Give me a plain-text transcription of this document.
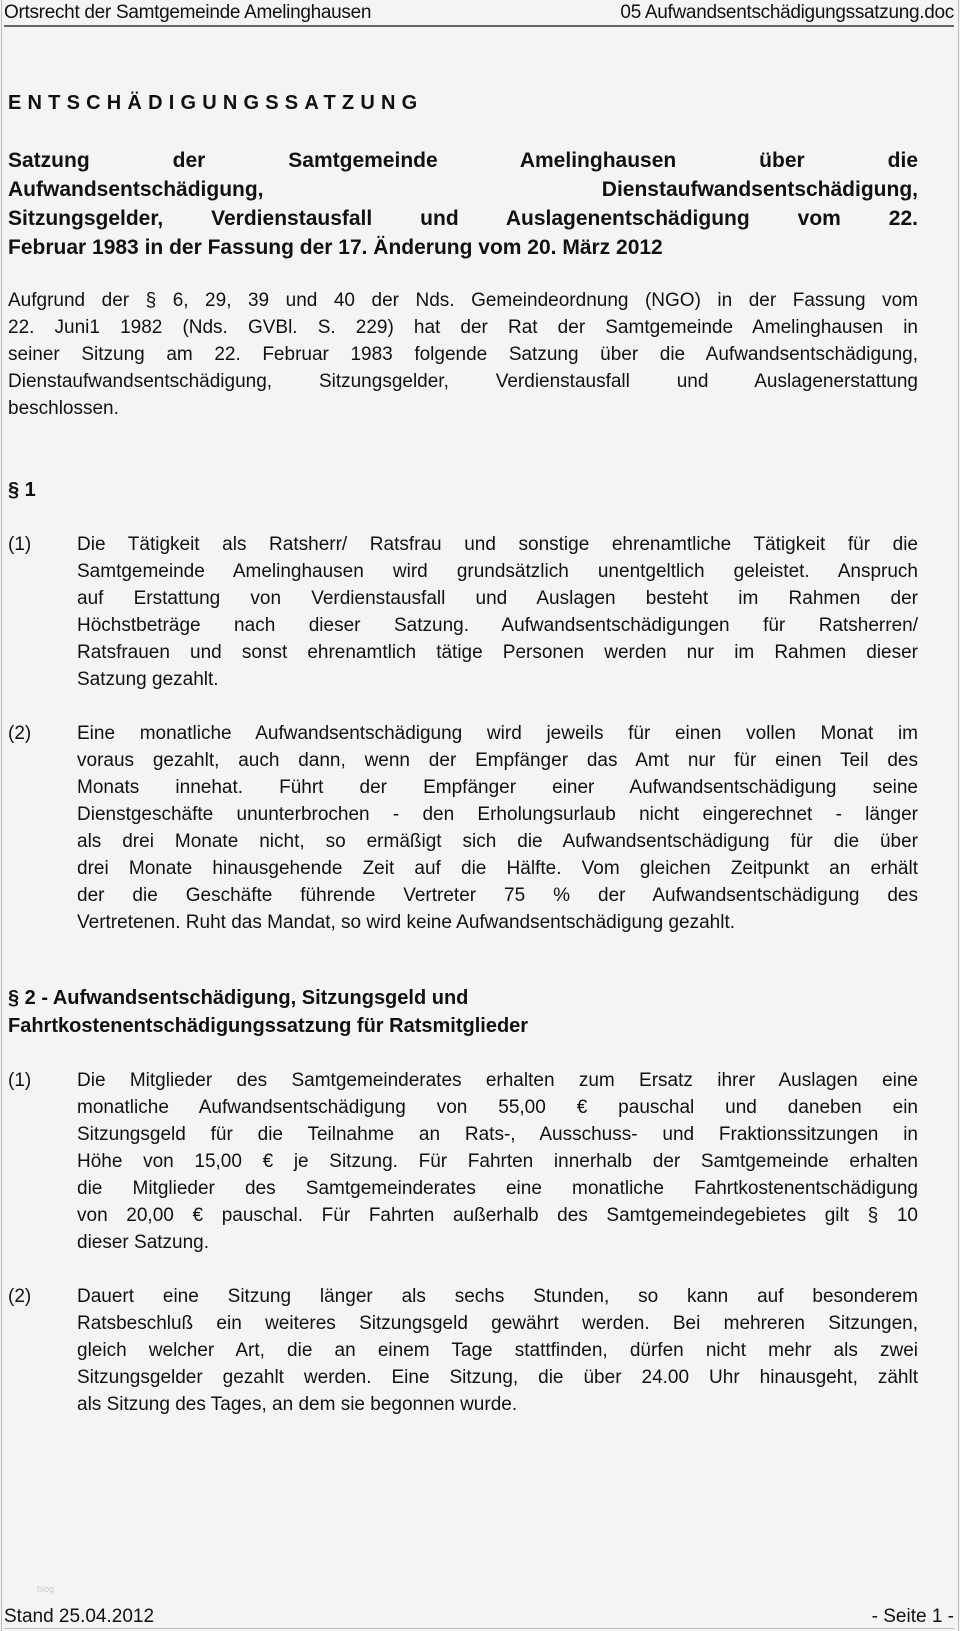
Ortsrecht der Samtgemeinde Amelinghausen	05 Aufwandsentschädigungssatzung.doc
ENTSCHÄDIGUNGSSATZUNG
Satzung der Samtgemeinde Amelinghausen über die
Aufwandsentschädigung, Dienstaufwandsentschädigung,
Sitzungsgelder, Verdienstausfall und Auslagenentschädigung vom 22.
Februar 1983 in der Fassung der 17. Änderung vom 20. März 2012
Aufgrund der § 6, 29, 39 und 40 der Nds. Gemeindeordnung (NGO) in der Fassung vom
22. Juni1 1982 (Nds. GVBl. S. 229) hat der Rat der Samtgemeinde Amelinghausen in
seiner Sitzung am 22. Februar 1983 folgende Satzung über die Aufwandsentschädigung,
Dienstaufwandsentschädigung, Sitzungsgelder, Verdienstausfall und Auslagenerstattung
beschlossen.
§ 1
(1) Die Tätigkeit als Ratsherr/ Ratsfrau und sonstige ehrenamtliche Tätigkeit für die
Samtgemeinde Amelinghausen wird grundsätzlich unentgeltlich geleistet. Anspruch
auf Erstattung von Verdienstausfall und Auslagen besteht im Rahmen der
Höchstbeträge nach dieser Satzung. Aufwandsentschädigungen für Ratsherren/
Ratsfrauen und sonst ehrenamtlich tätige Personen werden nur im Rahmen dieser
Satzung gezahlt.
(2) Eine monatliche Aufwandsentschädigung wird jeweils für einen vollen Monat im
voraus gezahlt, auch dann, wenn der Empfänger das Amt nur für einen Teil des
Monats innehat. Führt der Empfänger einer Aufwandsentschädigung seine
Dienstgeschäfte ununterbrochen - den Erholungsurlaub nicht eingerechnet - länger
als drei Monate nicht, so ermäßigt sich die Aufwandsentschädigung für die über
drei Monate hinausgehende Zeit auf die Hälfte. Vom gleichen Zeitpunkt an erhält
der die Geschäfte führende Vertreter 75 % der Aufwandsentschädigung des
Vertretenen. Ruht das Mandat, so wird keine Aufwandsentschädigung gezahlt.
§ 2 - Aufwandsentschädigung, Sitzungsgeld und
Fahrtkostenentschädigungssatzung für Ratsmitglieder
(1) Die Mitglieder des Samtgemeinderates erhalten zum Ersatz ihrer Auslagen eine
monatliche Aufwandsentschädigung von 55,00 € pauschal und daneben ein
Sitzungsgeld für die Teilnahme an Rats-, Ausschuss- und Fraktionssitzungen in
Höhe von 15,00 € je Sitzung. Für Fahrten innerhalb der Samtgemeinde erhalten
die Mitglieder des Samtgemeinderates eine monatliche Fahrtkostenentschädigung
von 20,00 € pauschal. Für Fahrten außerhalb des Samtgemeindegebietes gilt § 10
dieser Satzung.
(2) Dauert eine Sitzung länger als sechs Stunden, so kann auf besonderem
Ratsbeschluß ein weiteres Sitzungsgeld gewährt werden. Bei mehreren Sitzungen,
gleich welcher Art, die an einem Tage stattfinden, dürfen nicht mehr als zwei
Sitzungsgelder gezahlt werden. Eine Sitzung, die über 24.00 Uhr hinausgeht, zählt
als Sitzung des Tages, an dem sie begonnen wurde.
blog
Stand 25.04.2012	- Seite 1 -
